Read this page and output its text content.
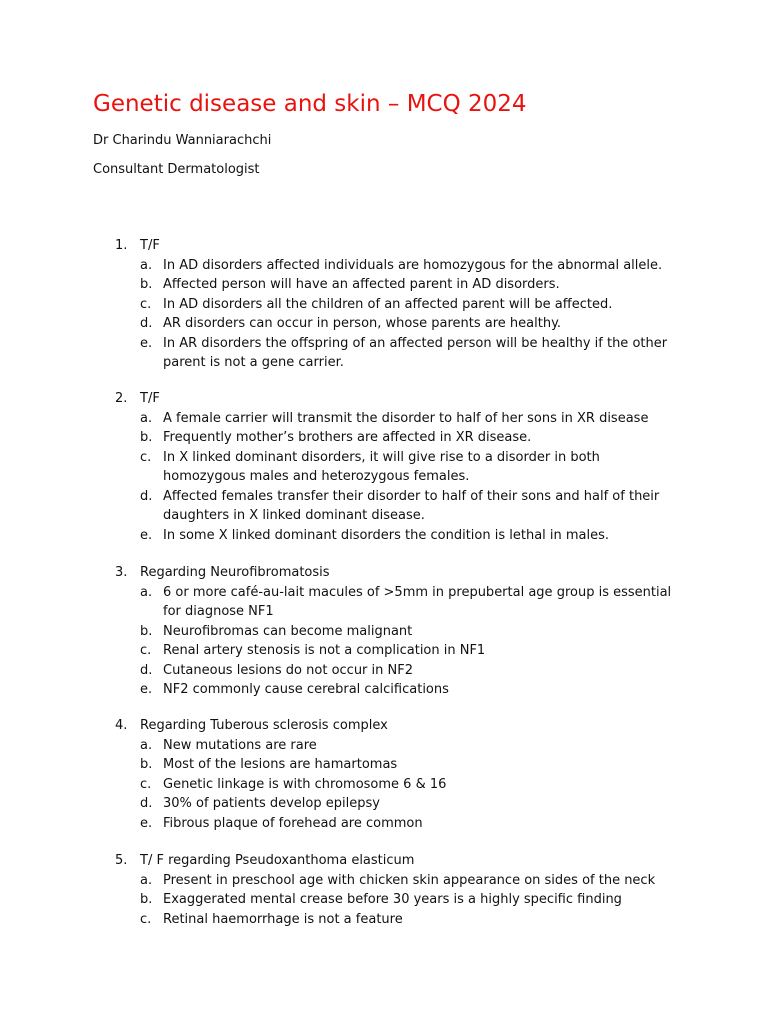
Genetic disease and skin – MCQ 2024
Dr Charindu Wanniarachchi
Consultant Dermatologist
1. T/F
a. In AD disorders affected individuals are homozygous for the abnormal allele.
b. Affected person will have an affected parent in AD disorders.
c. In AD disorders all the children of an affected parent will be affected.
d. AR disorders can occur in person, whose parents are healthy.
e. In AR disorders the offspring of an affected person will be healthy if the other parent is not a gene carrier.
2. T/F
a. A female carrier will transmit the disorder to half of her sons in XR disease
b. Frequently mother’s brothers are affected in XR disease.
c. In X linked dominant disorders, it will give rise to a disorder in both homozygous males and heterozygous females.
d. Affected females transfer their disorder to half of their sons and half of their daughters in X linked dominant disease.
e. In some X linked dominant disorders the condition is lethal in males.
3. Regarding Neurofibromatosis
a. 6 or more café-au-lait macules of >5mm in prepubertal age group is essential for diagnose NF1
b. Neurofibromas can become malignant
c. Renal artery stenosis is not a complication in NF1
d. Cutaneous lesions do not occur in NF2
e. NF2 commonly cause cerebral calcifications
4. Regarding Tuberous sclerosis complex
a. New mutations are rare
b. Most of the lesions are hamartomas
c. Genetic linkage is with chromosome 6 & 16
d. 30% of patients develop epilepsy
e. Fibrous plaque of forehead are common
5. T/ F regarding Pseudoxanthoma elasticum
a. Present in preschool age with chicken skin appearance on sides of the neck
b. Exaggerated mental crease before 30 years is a highly specific finding
c. Retinal haemorrhage is not a feature
